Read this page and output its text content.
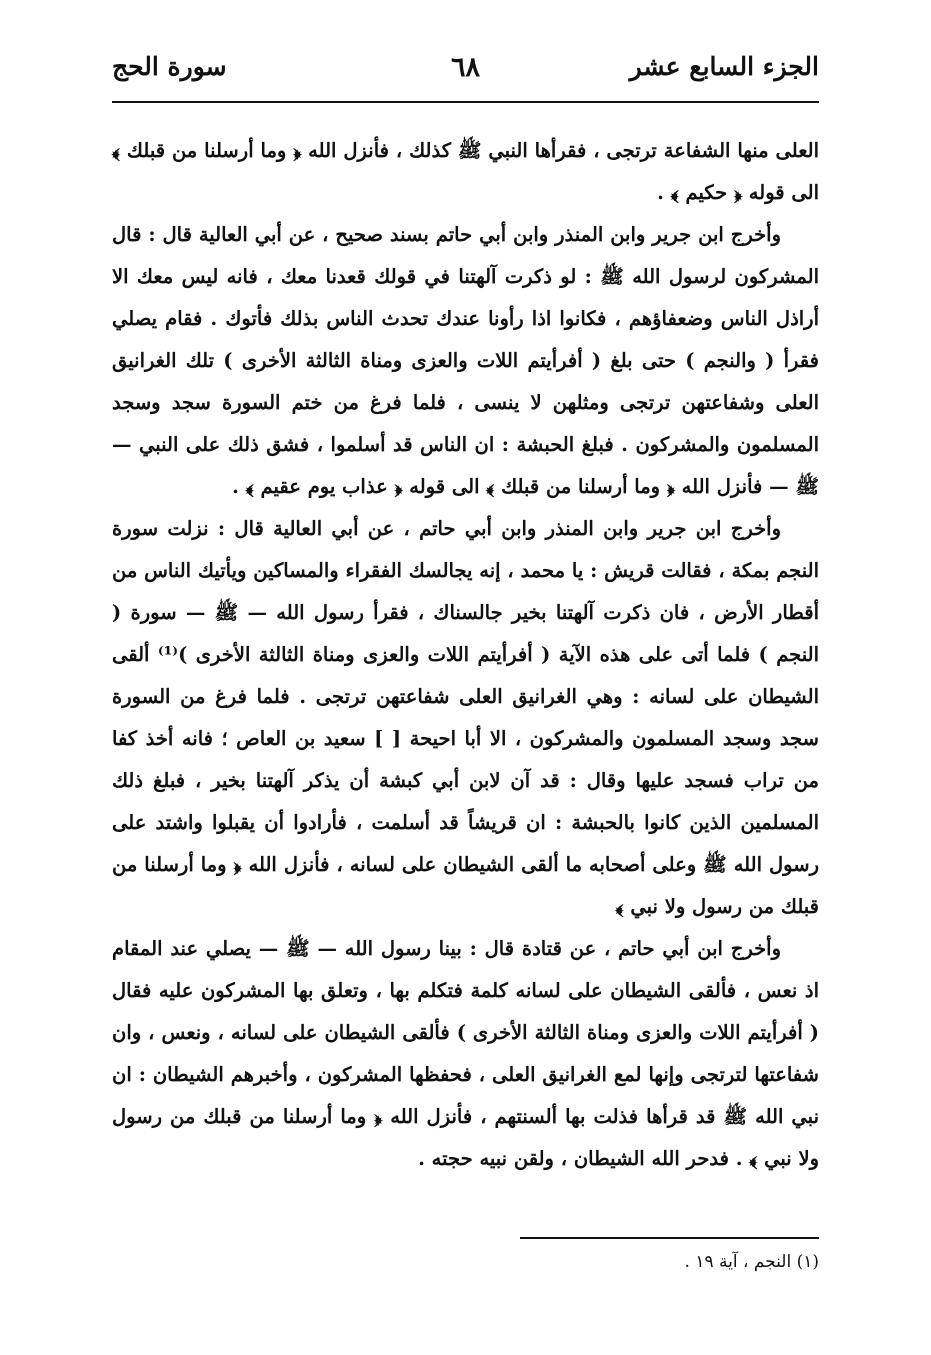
الجزء السابع عشر
٦٨
سورة الحج

العلى منها الشفاعة ترتجى ، فقرأها النبي ﷺ كذلك ، فأنزل الله ﴿ وما أرسلنا من قبلك ﴾ الى قوله ﴿ حكيم ﴾ .

وأخرج ابن جرير وابن المنذر وابن أبي حاتم بسند صحيح ، عن أبي العالية قال : قال المشركون لرسول الله ﷺ : لو ذكرت آلهتنا في قولك قعدنا معك ، فانه ليس معك الا أراذل الناس وضعفاؤهم ، فكانوا اذا رأونا عندك تحدث الناس بذلك فأتوك . فقام يصلي فقرأ ( والنجم ) حتى بلغ ( أفرأيتم اللات والعزى ومناة الثالثة الأخرى ) تلك الغرانيق العلى وشفاعتهن ترتجى ومثلهن لا ينسى ، فلما فرغ من ختم السورة سجد وسجد المسلمون والمشركون . فبلغ الحبشة : ان الناس قد أسلموا ، فشق ذلك على النبي — ﷺ — فأنزل الله ﴿ وما أرسلنا من قبلك ﴾ الى قوله ﴿ عذاب يوم عقيم ﴾ .

وأخرج ابن جرير وابن المنذر وابن أبي حاتم ، عن أبي العالية قال : نزلت سورة النجم بمكة ، فقالت قريش : يا محمد ، إنه يجالسك الفقراء والمساكين ويأتيك الناس من أقطار الأرض ، فان ذكرت آلهتنا بخير جالسناك ، فقرأ رسول الله — ﷺ — سورة ( النجم ) فلما أتى على هذه الآية ( أفرأيتم اللات والعزى ومناة الثالثة الأخرى )⁽¹⁾ ألقى الشيطان على لسانه : وهي الغرانيق العلى شفاعتهن ترتجى . فلما فرغ من السورة سجد وسجد المسلمون والمشركون ، الا أبا احيحة [ ] سعيد بن العاص ؛ فانه أخذ كفا من تراب فسجد عليها وقال : قد آن لابن أبي كبشة أن يذكر آلهتنا بخير ، فبلغ ذلك المسلمين الذين كانوا بالحبشة : ان قريشاً قد أسلمت ، فأرادوا أن يقبلوا واشتد على رسول الله ﷺ وعلى أصحابه ما ألقى الشيطان على لسانه ، فأنزل الله ﴿ وما أرسلنا من قبلك من رسول ولا نبي ﴾

وأخرج ابن أبي حاتم ، عن قتادة قال : بينا رسول الله — ﷺ — يصلي عند المقام اذ نعس ، فألقى الشيطان على لسانه كلمة فتكلم بها ، وتعلق بها المشركون عليه فقال ( أفرأيتم اللات والعزى ومناة الثالثة الأخرى ) فألقى الشيطان على لسانه ، ونعس ، وان شفاعتها لترتجى وإنها لمع الغرانيق العلى ، فحفظها المشركون ، وأخبرهم الشيطان : ان نبي الله ﷺ قد قرأها فذلت بها ألسنتهم ، فأنزل الله ﴿ وما أرسلنا من قبلك من رسول ولا نبي ﴾ . فدحر الله الشيطان ، ولقن نبيه حجته .

(١) النجم ، آية ١٩ .
